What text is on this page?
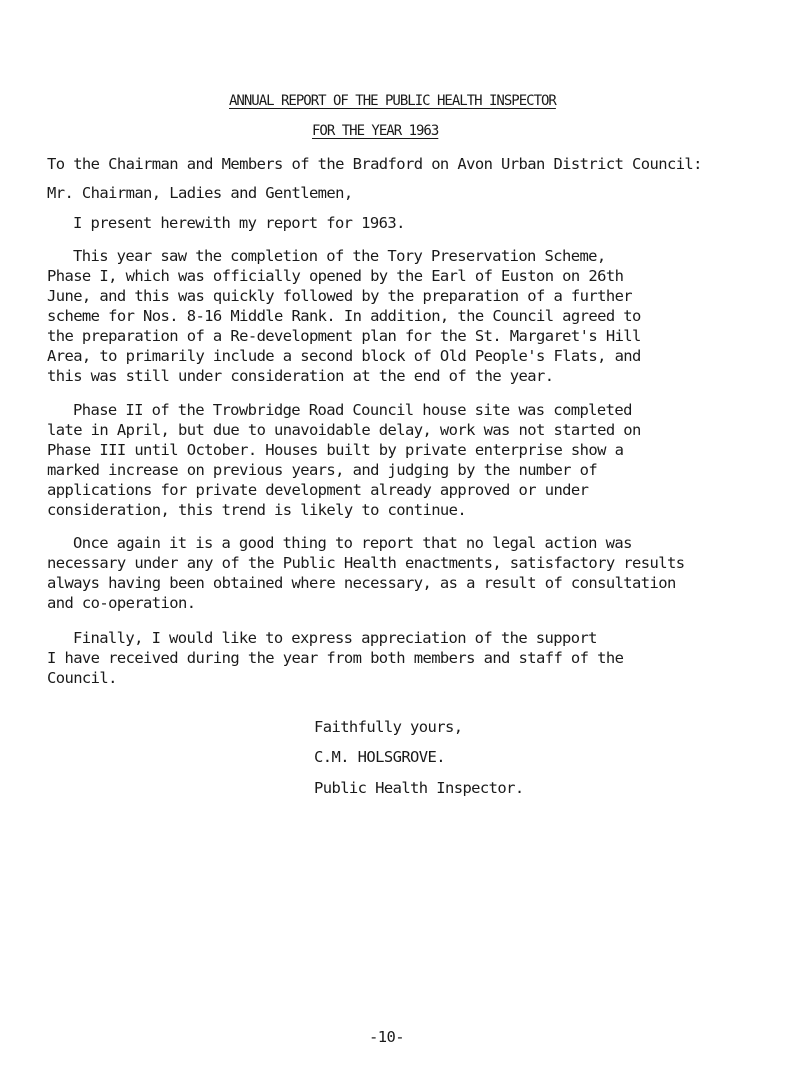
ANNUAL REPORT OF THE PUBLIC HEALTH INSPECTOR
FOR THE YEAR 1963
To the Chairman and Members of the Bradford on Avon Urban District Council:
Mr. Chairman, Ladies and Gentlemen,
I present herewith my report for 1963.
This year saw the completion of the Tory Preservation Scheme,
Phase I, which was officially opened by the Earl of Euston on 26th
June, and this was quickly followed by the preparation of a further
scheme for Nos. 8-16 Middle Rank. In addition, the Council agreed to
the preparation of a Re-development plan for the St. Margaret's Hill
Area, to primarily include a second block of Old People's Flats, and
this was still under consideration at the end of the year.
Phase II of the Trowbridge Road Council house site was completed
late in April, but due to unavoidable delay, work was not started on
Phase III until October. Houses built by private enterprise show a
marked increase on previous years, and judging by the number of
applications for private development already approved or under
consideration, this trend is likely to continue.
Once again it is a good thing to report that no legal action was
necessary under any of the Public Health enactments, satisfactory results
always having been obtained where necessary, as a result of consultation
and co-operation.
Finally, I would like to express appreciation of the support
I have received during the year from both members and staff of the
Council.
Faithfully yours,
C.M. HOLSGROVE.
Public Health Inspector.
-10-
